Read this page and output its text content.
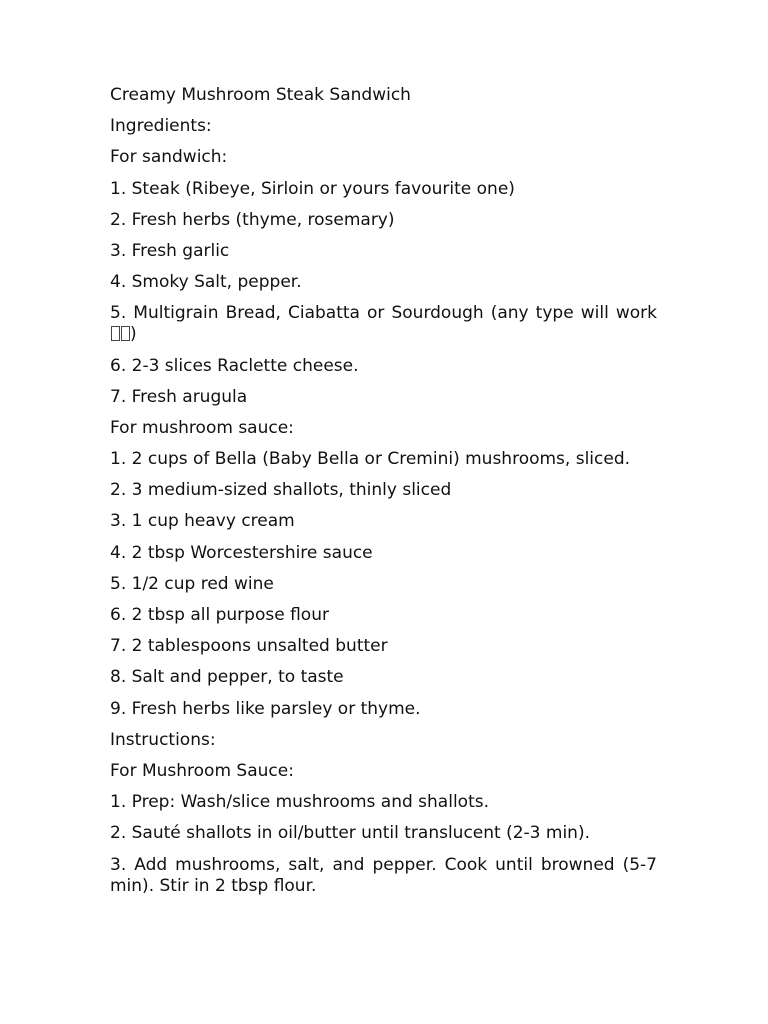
Creamy Mushroom Steak Sandwich
Ingredients:
For sandwich:
1. Steak (Ribeye, Sirloin or yours favourite one)
2. Fresh herbs (thyme, rosemary)
3. Fresh garlic
4. Smoky Salt, pepper.
5. Multigrain Bread, Ciabatta or Sourdough (any type will work )
6. 2-3 slices Raclette cheese.
7. Fresh arugula
For mushroom sauce:
1. 2 cups of Bella (Baby Bella or Cremini) mushrooms, sliced.
2. 3 medium-sized shallots, thinly sliced
3. 1 cup heavy cream
4. 2 tbsp Worcestershire sauce
5. 1/2 cup red wine
6. 2 tbsp all purpose flour
7. 2 tablespoons unsalted butter
8. Salt and pepper, to taste
9. Fresh herbs like parsley or thyme.
Instructions:
For Mushroom Sauce:
1. Prep: Wash/slice mushrooms and shallots.
2. Sauté shallots in oil/butter until translucent (2-3 min).
3. Add mushrooms, salt, and pepper. Cook until browned (5-7 min). Stir in 2 tbsp flour.
